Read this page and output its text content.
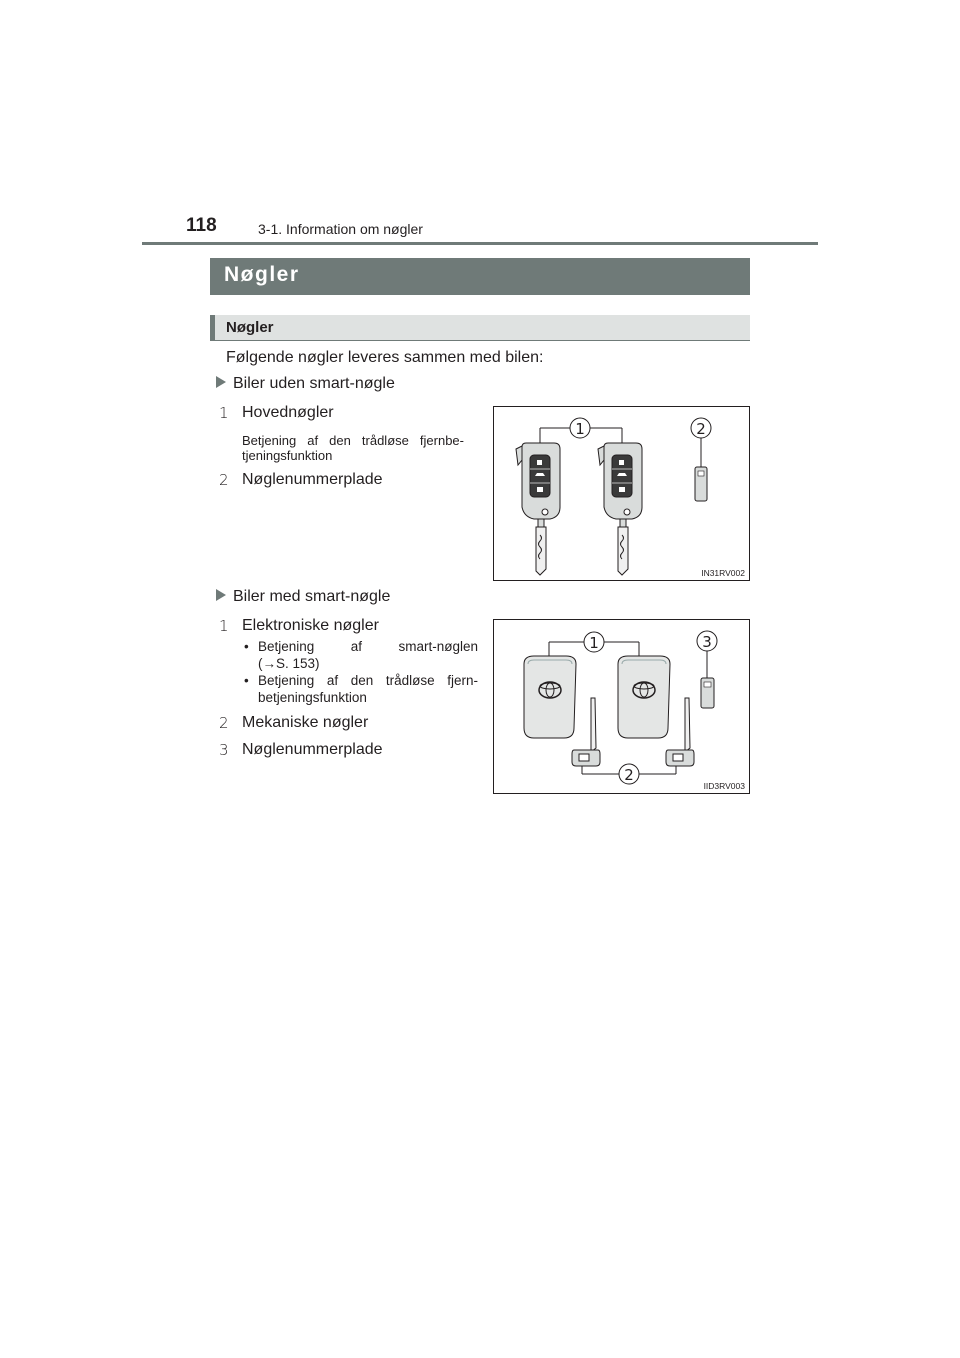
118	3-1. Information om nøgler
Nøgler
Nøgler
Følgende nøgler leveres sammen med bilen:
Biler uden smart-nøgle
1 Hovednøgler
Betjening af den trådløse fjernbe-
tjeningsfunktion
2 Nøglenummerplade
1	2
IN31RV002
Biler med smart-nøgle
1 Elektroniske nøgler
• Betjening af smart-nøglen
(→S. 153)
• Betjening af den trådløse fjern-
betjeningsfunktion
2 Mekaniske nøgler
3 Nøglenummerplade
1	3
2
IID3RV003
